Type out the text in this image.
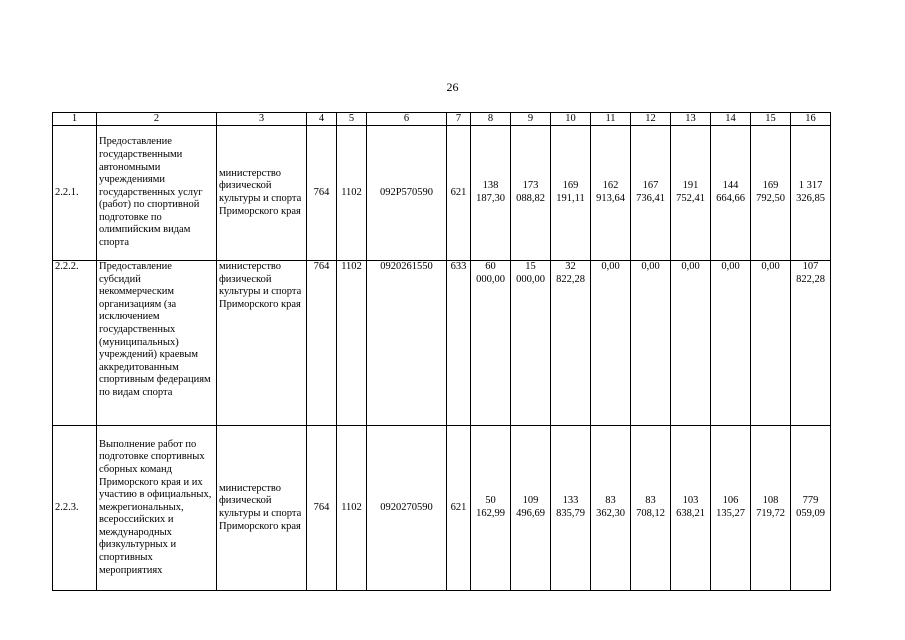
26
1	2	3	4	5	6	7	8	9	10	11	12	13	14	15	16
2.2.1.	Предоставление государственными автономными учреждениями государственных услуг (работ) по спортивной подготовке по олимпийским видам спорта	министерство физической культуры и спорта Приморского края	764	1102	092P570590	621	138 187,30	173 088,82	169 191,11	162 913,64	167 736,41	191 752,41	144 664,66	169 792,50	1 317 326,85
2.2.2.	Предоставление субсидий некоммерческим организациям (за исключением государственных (муниципальных) учреждений) краевым аккредитованным спортивным федерациям по видам спорта	министерство физической культуры и спорта Приморского края	764	1102	0920261550	633	60 000,00	15 000,00	32 822,28	0,00	0,00	0,00	0,00	0,00	107 822,28
2.2.3.	Выполнение работ по подготовке спортивных сборных команд Приморского края и их участию в официальных, межрегиональных, всероссийских и международных физкультурных и спортивных мероприятиях	министерство физической культуры и спорта Приморского края	764	1102	0920270590	621	50 162,99	109 496,69	133 835,79	83 362,30	83 708,12	103 638,21	106 135,27	108 719,72	779 059,09
